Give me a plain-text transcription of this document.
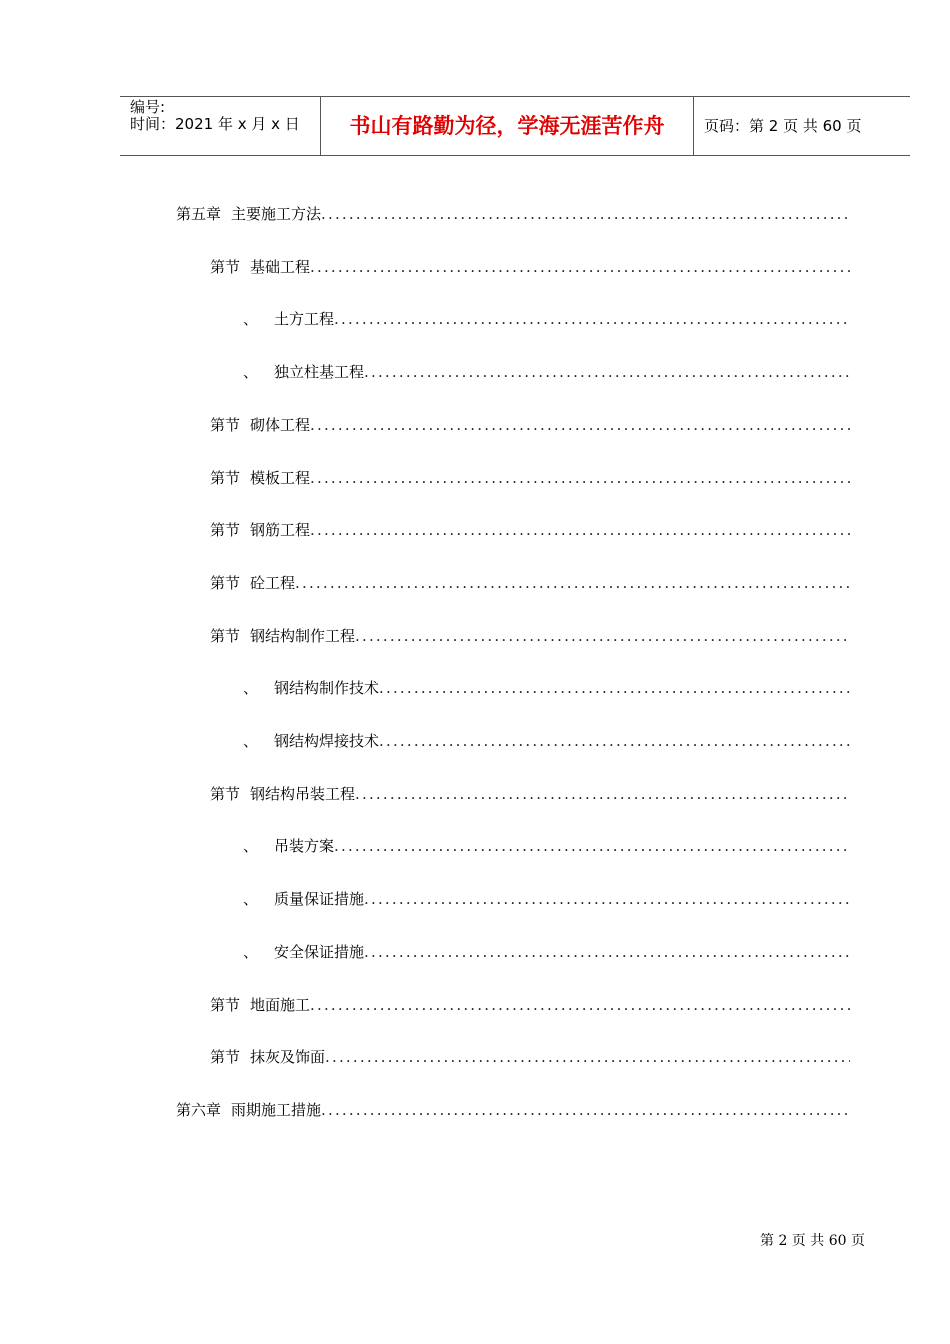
编号:
时间：2021 年 x 月 x 日	书山有路勤为径，学海无涯苦作舟	页码：第 2 页 共 60 页
第五章 主要施工方法
.....
第节 基础工程
.....
、 土方工程
.....
、 独立柱基工程
.....
第节 砌体工程
.....
第节 模板工程
.....
第节 钢筋工程
.....
第节 砼工程
.....
第节 钢结构制作工程
.....
、 钢结构制作技术
.....
、 钢结构焊接技术
.....
第节 钢结构吊装工程
.....
、 吊装方案
.....
、 质量保证措施
.....
、 安全保证措施
.....
第节 地面施工
.....
第节 抹灰及饰面
.....
第六章 雨期施工措施
.....
第 2 页 共 60 页
